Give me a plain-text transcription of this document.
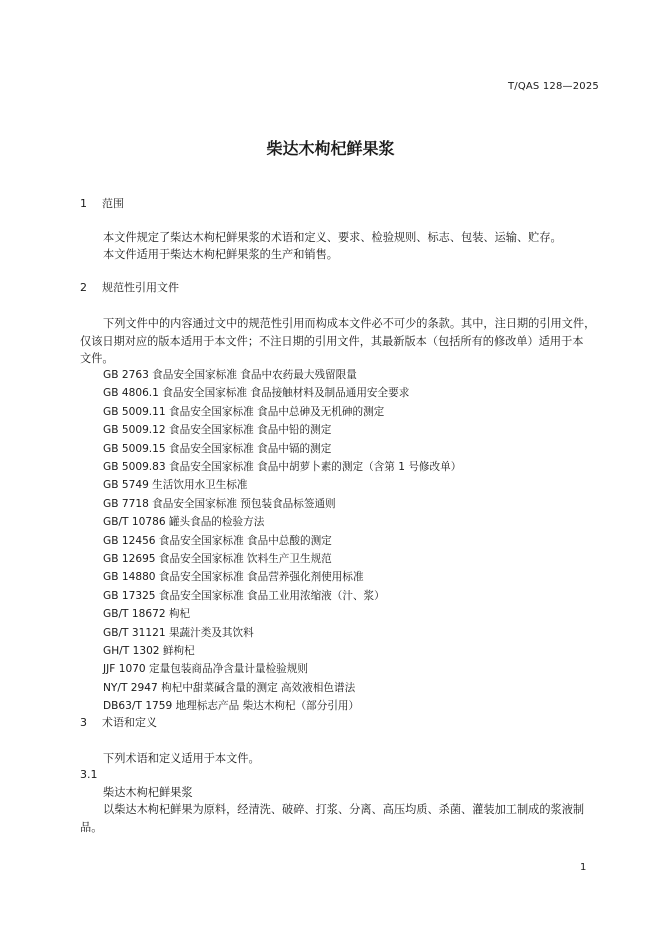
T/QAS 128—2025
柴达木枸杞鲜果浆
1 范围
本文件规定了柴达木枸杞鲜果浆的术语和定义、要求、检验规则、标志、包装、运输、贮存。
本文件适用于柴达木枸杞鲜果浆的生产和销售。
2 规范性引用文件
下列文件中的内容通过文中的规范性引用而构成本文件必不可少的条款。其中，注日期的引用文件，
仅该日期对应的版本适用于本文件；不注日期的引用文件，其最新版本（包括所有的修改单）适用于本
文件。
GB 2763 食品安全国家标准 食品中农药最大残留限量
GB 4806.1 食品安全国家标准 食品接触材料及制品通用安全要求
GB 5009.11 食品安全国家标准 食品中总砷及无机砷的测定
GB 5009.12 食品安全国家标准 食品中铅的测定
GB 5009.15 食品安全国家标准 食品中镉的测定
GB 5009.83 食品安全国家标准 食品中胡萝卜素的测定（含第 1 号修改单）
GB 5749 生活饮用水卫生标准
GB 7718 食品安全国家标准 预包装食品标签通则
GB/T 10786 罐头食品的检验方法
GB 12456 食品安全国家标准 食品中总酸的测定
GB 12695 食品安全国家标准 饮料生产卫生规范
GB 14880 食品安全国家标准 食品营养强化剂使用标准
GB 17325 食品安全国家标准 食品工业用浓缩液（汁、浆）
GB/T 18672 枸杞
GB/T 31121 果蔬汁类及其饮料
GH/T 1302 鲜枸杞
JJF 1070 定量包装商品净含量计量检验规则
NY/T 2947 枸杞中甜菜碱含量的测定 高效液相色谱法
DB63/T 1759 地理标志产品 柴达木枸杞（部分引用）
3 术语和定义
下列术语和定义适用于本文件。
3.1
柴达木枸杞鲜果浆
以柴达木枸杞鲜果为原料，经清洗、破碎、打浆、分离、高压均质、杀菌、灌装加工制成的浆液制
品。
1
